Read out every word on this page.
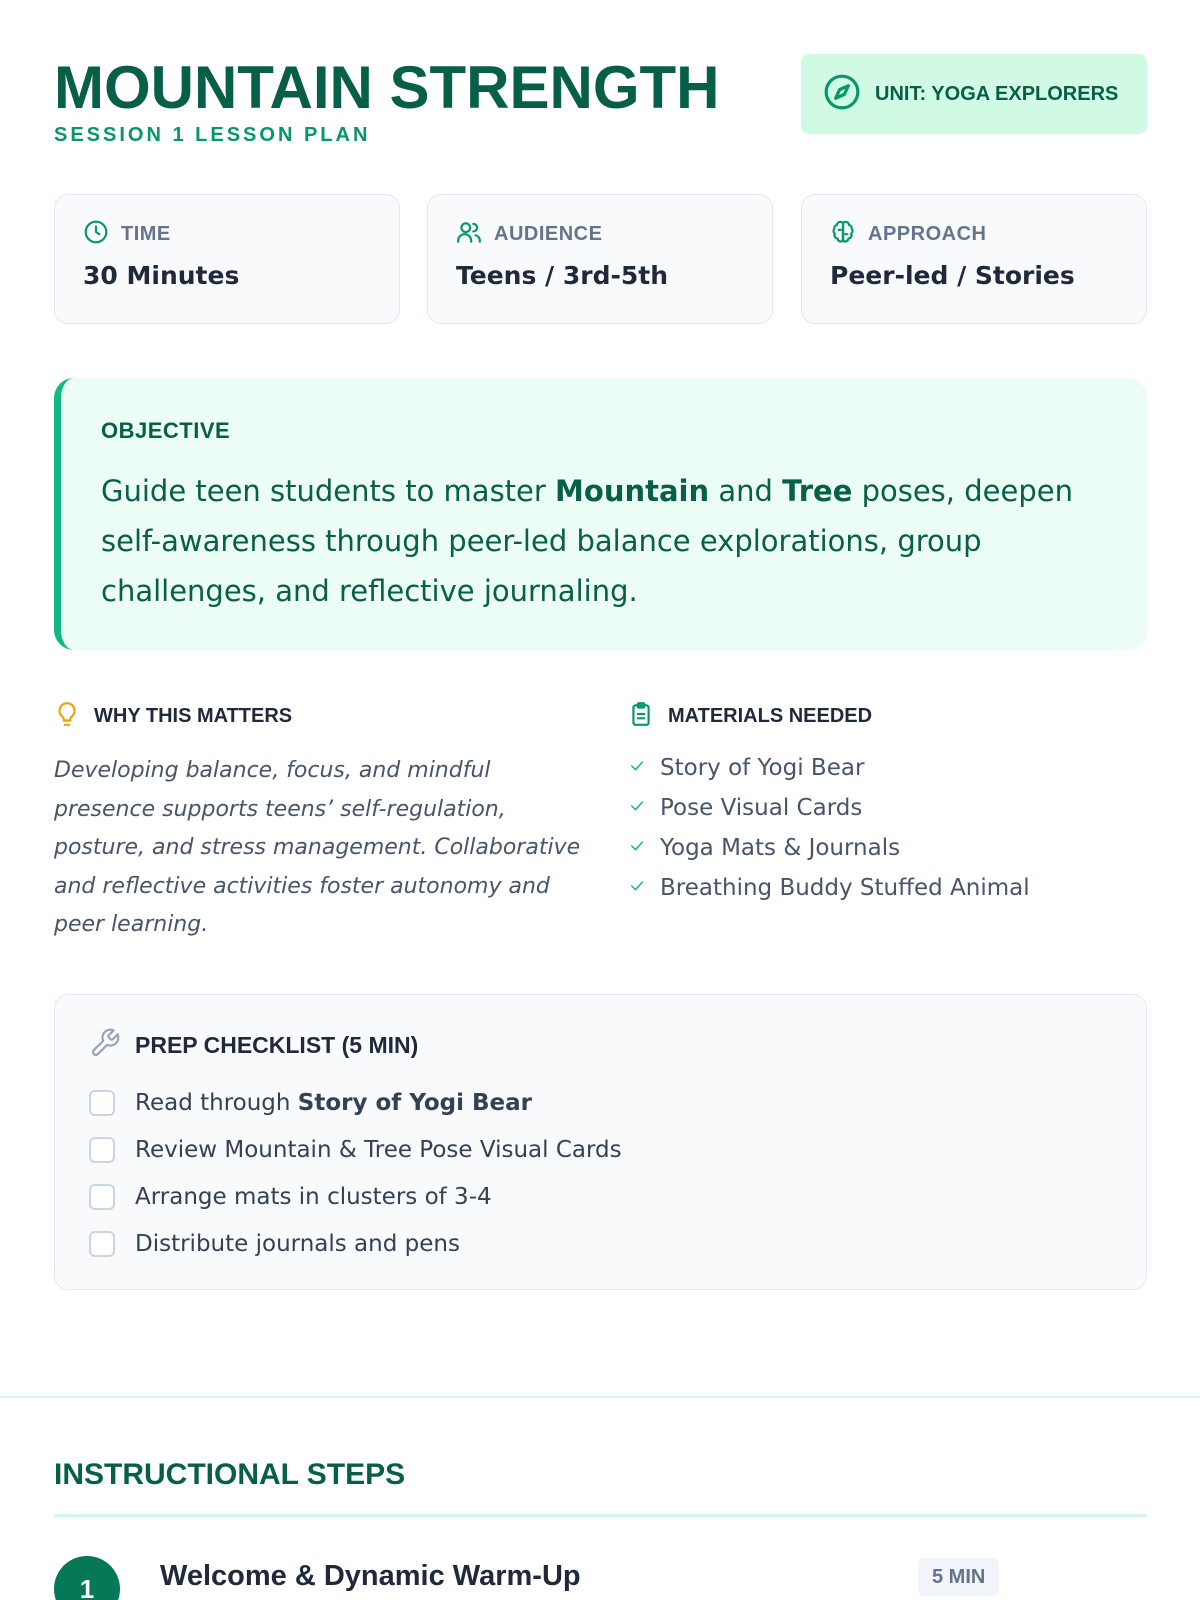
MOUNTAIN STRENGTH
SESSION 1 LESSON PLAN
UNIT: YOGA EXPLORERS
TIME
30 Minutes
AUDIENCE
Teens / 3rd-5th
APPROACH
Peer-led / Stories
OBJECTIVE
Guide teen students to master Mountain and Tree poses, deepen self-awareness through peer-led balance explorations, group challenges, and reflective journaling.
WHY THIS MATTERS
Developing balance, focus, and mindful presence supports teens’ self-regulation, posture, and stress management. Collaborative and reflective activities foster autonomy and peer learning.
MATERIALS NEEDED
Story of Yogi Bear
Pose Visual Cards
Yoga Mats & Journals
Breathing Buddy Stuffed Animal
PREP CHECKLIST (5 MIN)
Read through Story of Yogi Bear
Review Mountain & Tree Pose Visual Cards
Arrange mats in clusters of 3-4
Distribute journals and pens
INSTRUCTIONAL STEPS
1	Welcome & Dynamic Warm-Up	5 MIN
